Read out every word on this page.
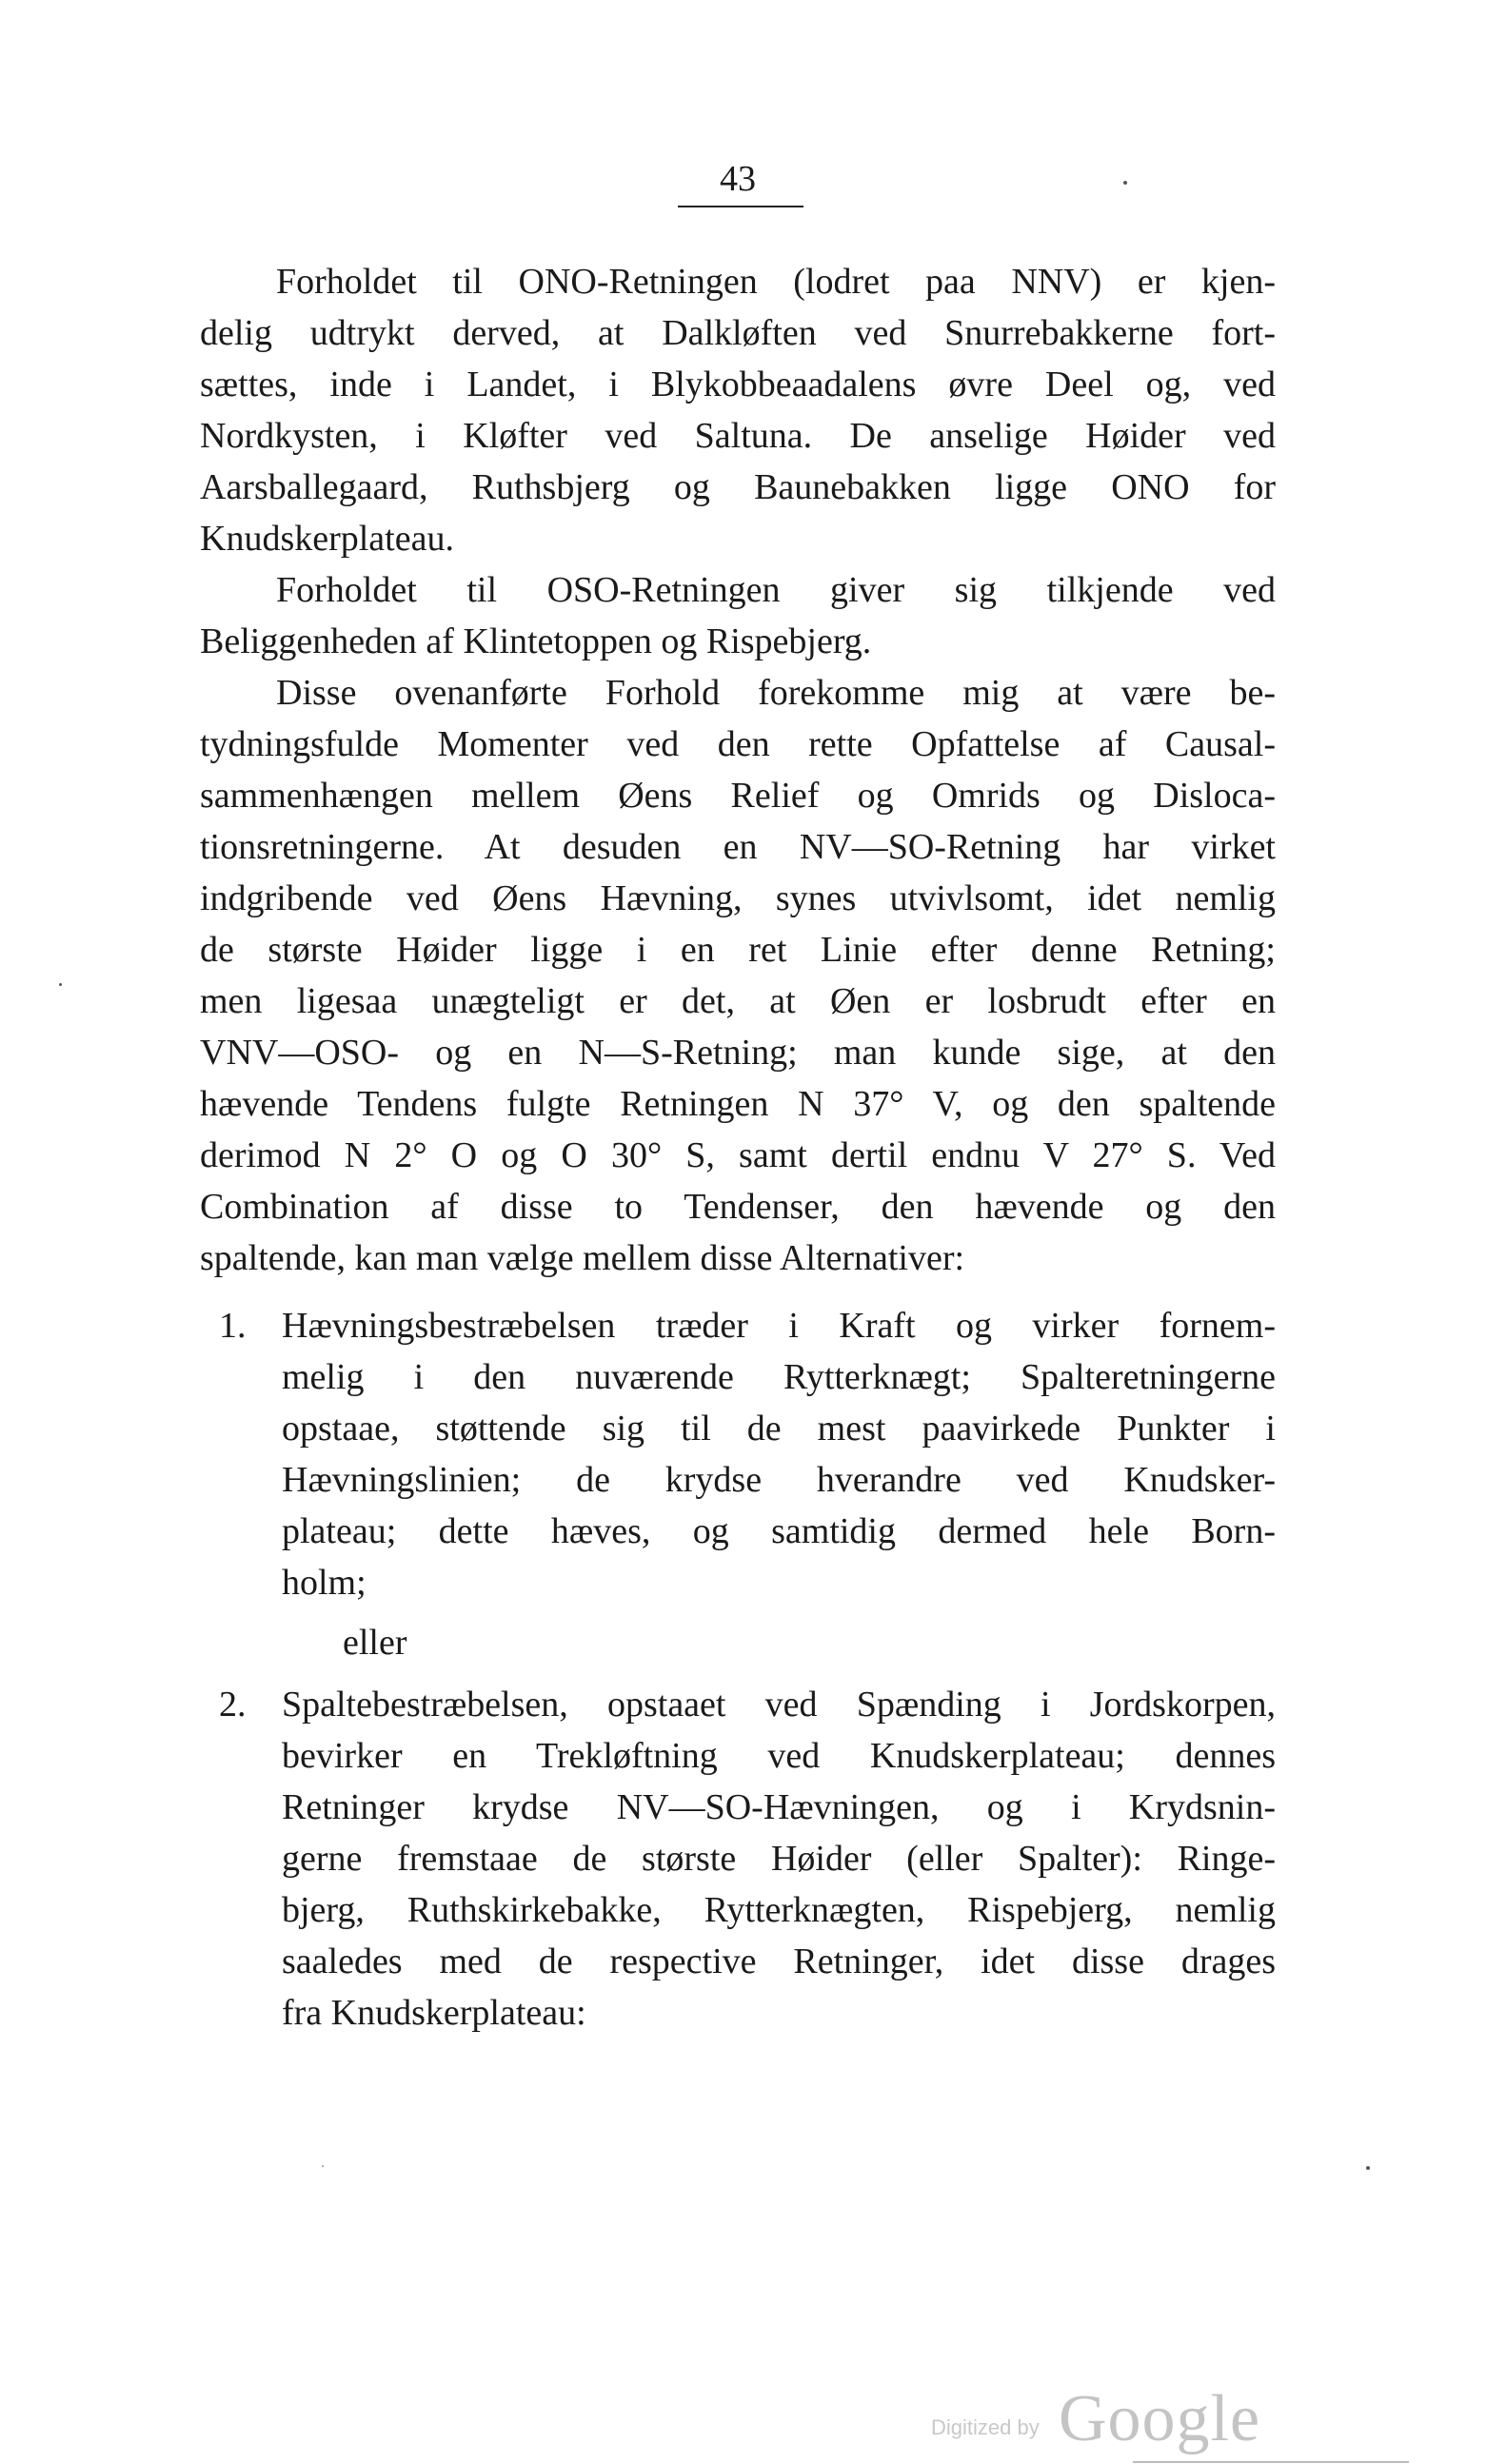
43
Forholdet til ONO-Retningen (lodret paa NNV) er kjen-
delig udtrykt derved, at Dalkløften ved Snurrebakkerne fort-
sættes, inde i Landet, i Blykobbeaadalens øvre Deel og, ved
Nordkysten, i Kløfter ved Saltuna. De anselige Høider ved
Aarsballegaard, Ruthsbjerg og Baunebakken ligge ONO for
Knudskerplateau.
Forholdet til OSO-Retningen giver sig tilkjende ved
Beliggenheden af Klintetoppen og Rispebjerg.
Disse ovenanførte Forhold forekomme mig at være be-
tydningsfulde Momenter ved den rette Opfattelse af Causal-
sammenhængen mellem Øens Relief og Omrids og Disloca-
tionsretningerne. At desuden en NV—SO-Retning har virket
indgribende ved Øens Hævning, synes utvivlsomt, idet nemlig
de største Høider ligge i en ret Linie efter denne Retning;
men ligesaa unægteligt er det, at Øen er losbrudt efter en
VNV—OSO- og en N—S-Retning; man kunde sige, at den
hævende Tendens fulgte Retningen N 37° V, og den spaltende
derimod N 2° O og O 30° S, samt dertil endnu V 27° S. Ved
Combination af disse to Tendenser, den hævende og den
spaltende, kan man vælge mellem disse Alternativer:
1. Hævningsbestræbelsen træder i Kraft og virker fornem-
melig i den nuværende Rytterknægt; Spalteretningerne
opstaae, støttende sig til de mest paavirkede Punkter i
Hævningslinien; de krydse hverandre ved Knudsker-
plateau; dette hæves, og samtidig dermed hele Born-
holm;
eller
2. Spaltebestræbelsen, opstaaet ved Spænding i Jordskorpen,
bevirker en Trekløftning ved Knudskerplateau; dennes
Retninger krydse NV—SO-Hævningen, og i Krydsnin-
gerne fremstaae de største Høider (eller Spalter): Ringe-
bjerg, Ruthskirkebakke, Rytterknægten, Rispebjerg, nemlig
saaledes med de respective Retninger, idet disse drages
fra Knudskerplateau:
Digitized by Google
